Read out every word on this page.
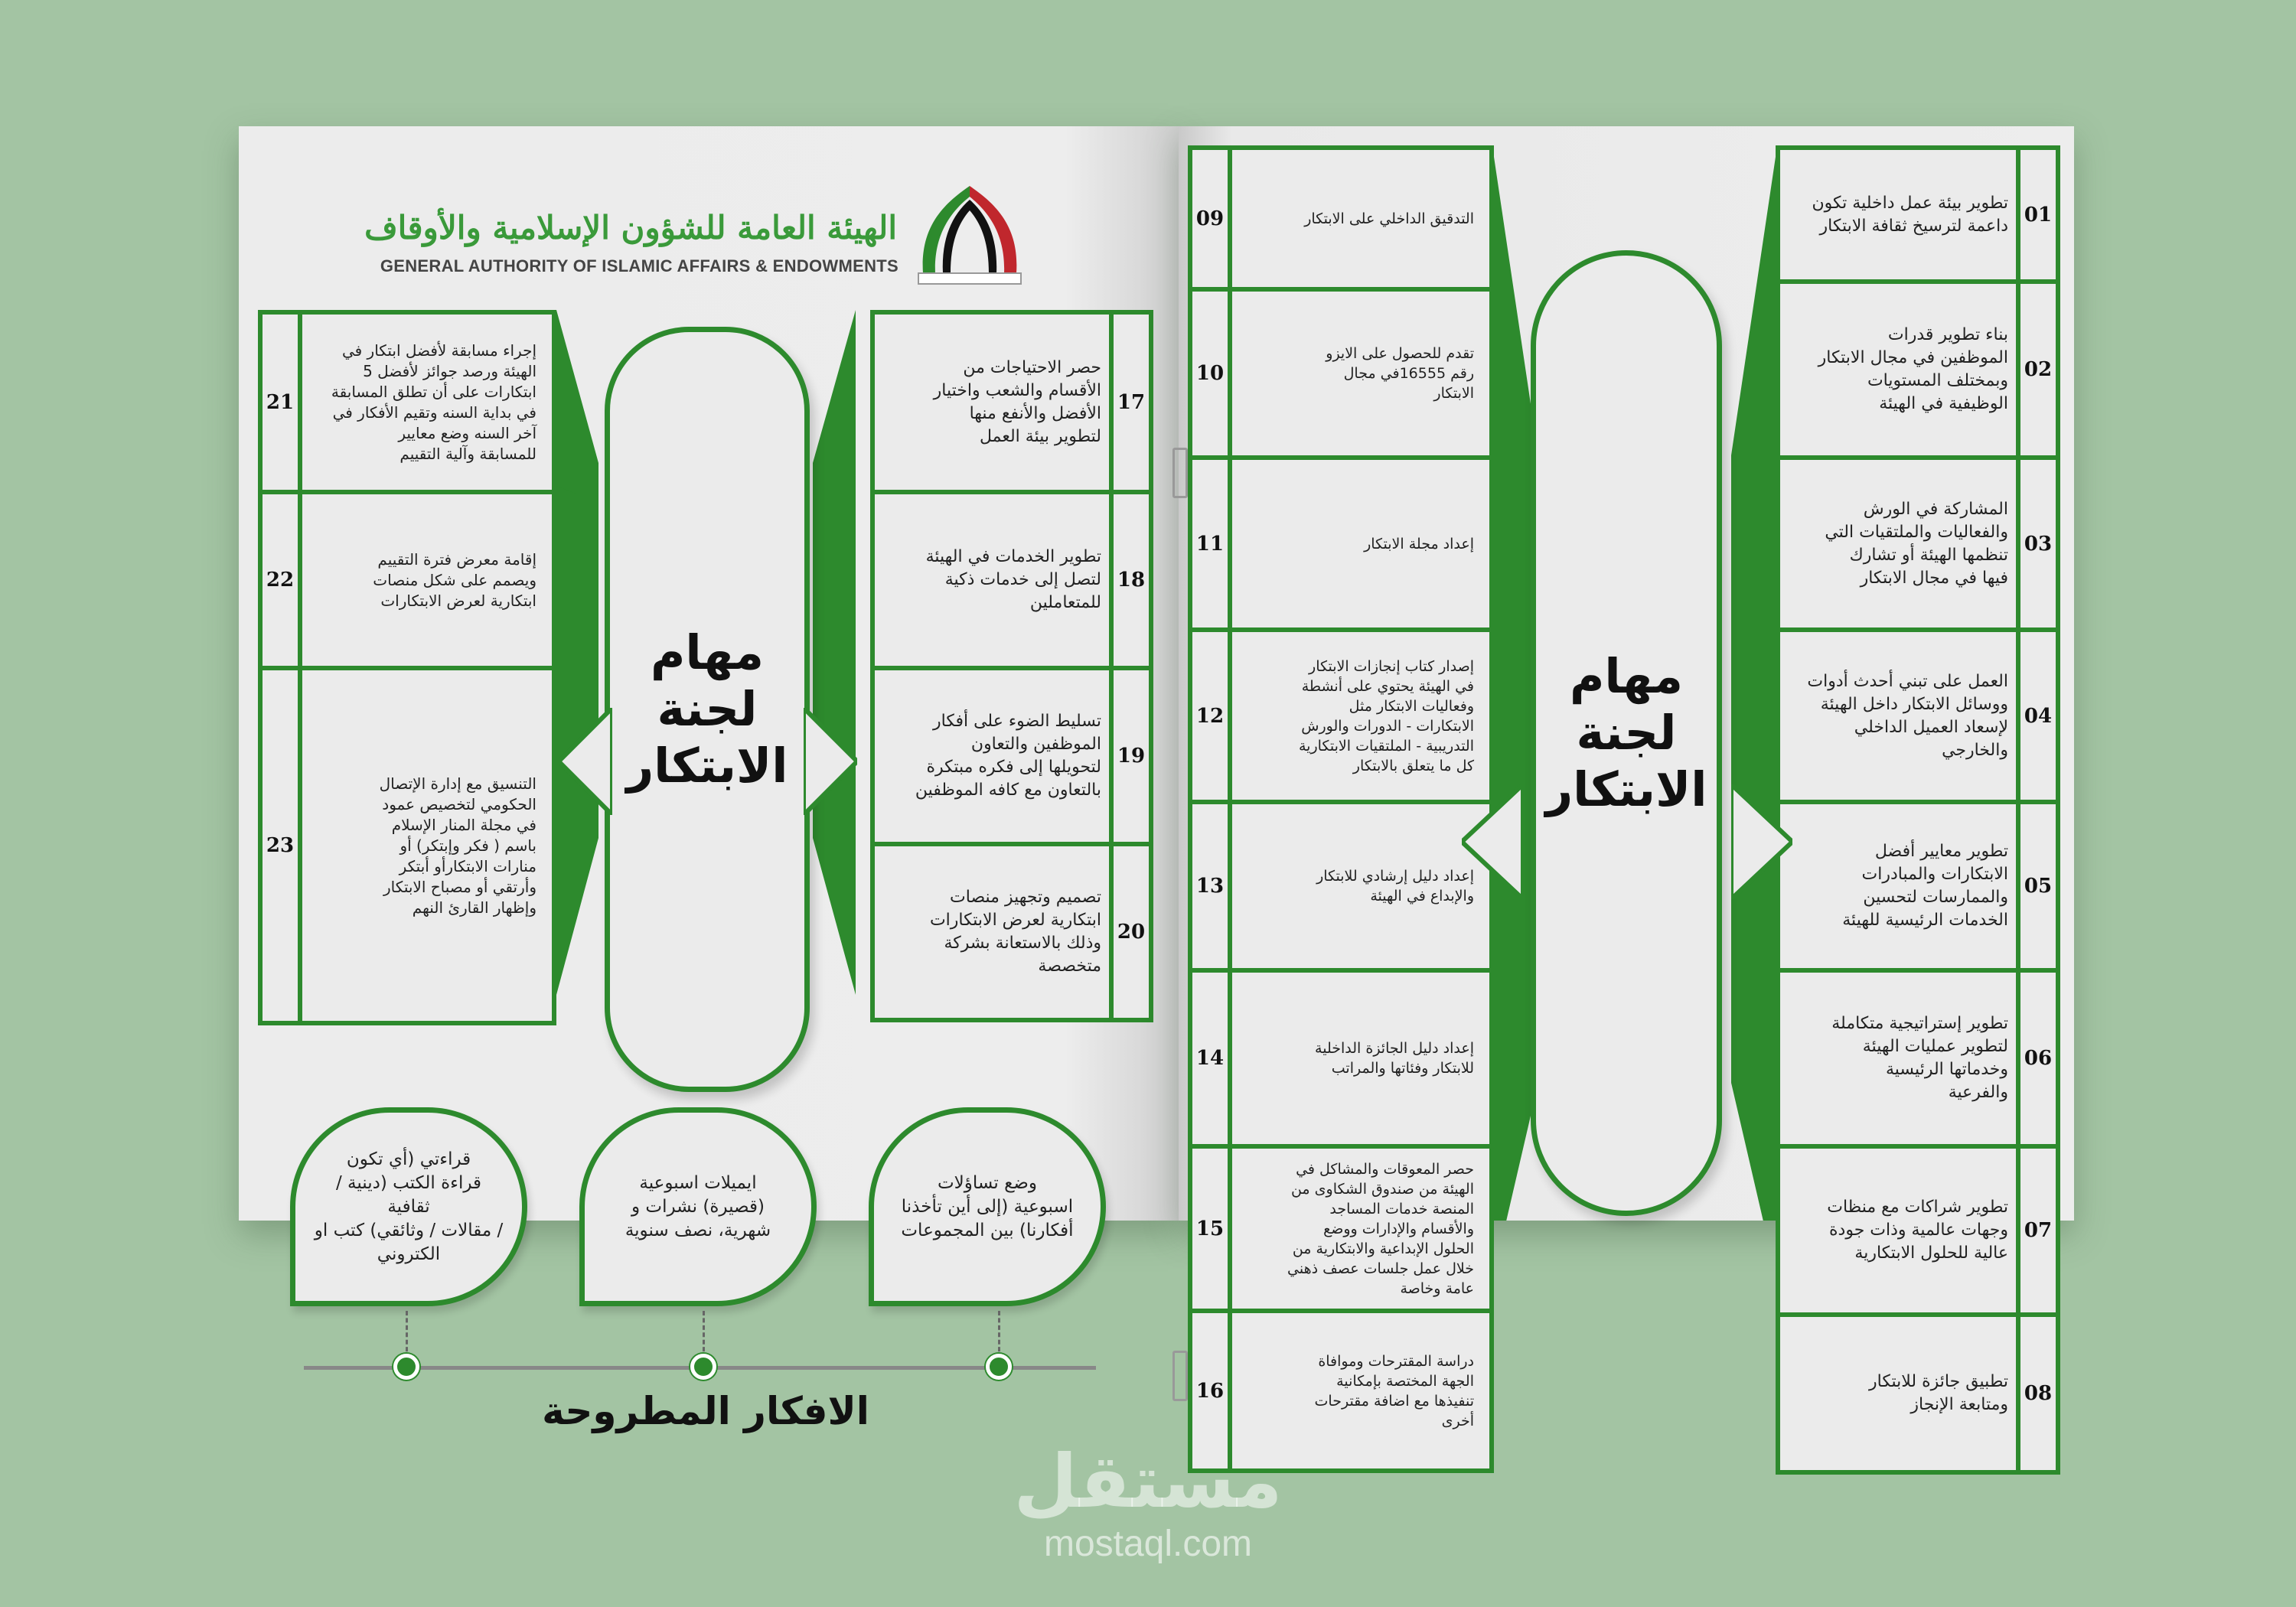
الهيئة العامة للشؤون الإسلامية والأوقاف
GENERAL AUTHORITY OF ISLAMIC AFFAIRS & ENDOWMENTS
21
إجراء مسابقة لأفضل ابتكار في
الهيئة ورصد جوائز لأفضل 5
ابتكارات على أن تطلق المسابقة
في بداية السنه وتقيم الأفكار في
آخر السنه وضع معايير
للمسابقة وآلية التقييم
22
إقامة معرض فترة التقييم
ويصمم على شكل منصات
ابتكارية لعرض الابتكارات
23
التنسيق مع إدارة الإتصال
الحكومي لتخصيص عمود
في مجلة المنار الإسلام
باسم ( فكر وإبتكر) أو
منارات الابتكارأو أبتكر
وأرتقي أو مصباح الابتكار
وإظهار القارئ النهم
17
حصر الاحتياجات من
الأقسام والشعب واختيار
الأفضل والأنفع منها
لتطوير بيئة العمل
18
تطوير الخدمات في الهيئة
لتصل إلى خدمات ذكية
للمتعاملين
19
تسليط الضوء على أفكار
الموظفين والتعاون
لتحويلها إلى فكره مبتكرة
بالتعاون مع كافه الموظفين
20
تصميم وتجهيز منصات
ابتكارية لعرض الابتكارات
وذلك بالاستعانة بشركة
متخصصة
مهام
لجنة
الابتكار
وضع تساؤلات
اسبوعية (إلى أين تأخذنا
أفكارنا) بين المجموعات
ايميلات اسبوعية
(قصيرة) نشرات و
شهرية، نصف سنوية
قراءتي (أي تكون
قراءة الكتب (دينية / ثقافية
/ مقالات / وثائقي) كتب او
الكتروني
الافكار المطروحة
09	التدقيق الداخلي على الابتكار
10
تقدم للحصول على الايزو
رقم 16555في مجال
الابتكار
11	إعداد مجلة الابتكار
12
إصدار كتاب إنجازات الابتكار
في الهيئة يحتوي على أنشطة
وفعاليات الابتكار مثل
الابتكارات - الدورات والورش
التدريبية - الملتقيات الابتكارية
كل ما يتعلق بالابتكار
13	إعداد دليل إرشادي للابتكار
والإبداع في الهيئة
14	إعداد دليل الجائزة الداخلية
للابتكار وفئاتها والمراتب
15
حصر المعوقات والمشاكل في
الهيئة من صندوق الشكاوى من
المنصة خدمات المساجد
والأقسام والإدارات ووضع
الحلول الإبداعية والابتكارية من
خلال عمل جلسات عصف ذهني
عامة وخاصة
16
دراسة المقترحات وموافاة
الجهة المختصة بإمكانية
تنفيذها مع اضافة مقترحات
أخرى
01
تطوير بيئة عمل داخلية تكون
داعمة لترسيخ ثقافة الابتكار
02
بناء تطوير قدرات
الموظفين في مجال الابتكار
وبمختلف المستويات
الوظيفية في الهيئة
03
المشاركة في الورش
والفعاليات والملتقيات التي
تنظمها الهيئة أو تشارك
فيها في مجال الابتكار
04
العمل على تبني أحدث أدوات
ووسائل الابتكار داخل الهيئة
لإسعاد العميل الداخلي
والخارجي
05
تطوير معايير أفضل
الابتكارات والمبادرات
والممارسات لتحسين
الخدمات الرئيسية للهيئة
06
تطوير إستراتيجية متكاملة
لتطوير عمليات الهيئة
وخدماتها الرئيسية
والفرعية
07
تطوير شراكات مع منظات
وجهات عالمية وذات جودة
عالية للحلول الابتكارية
08
تطبيق جائزة للابتكار
ومتابعة الإنجاز
مهام
لجنة
الابتكار
مستقل
mostaql.com
